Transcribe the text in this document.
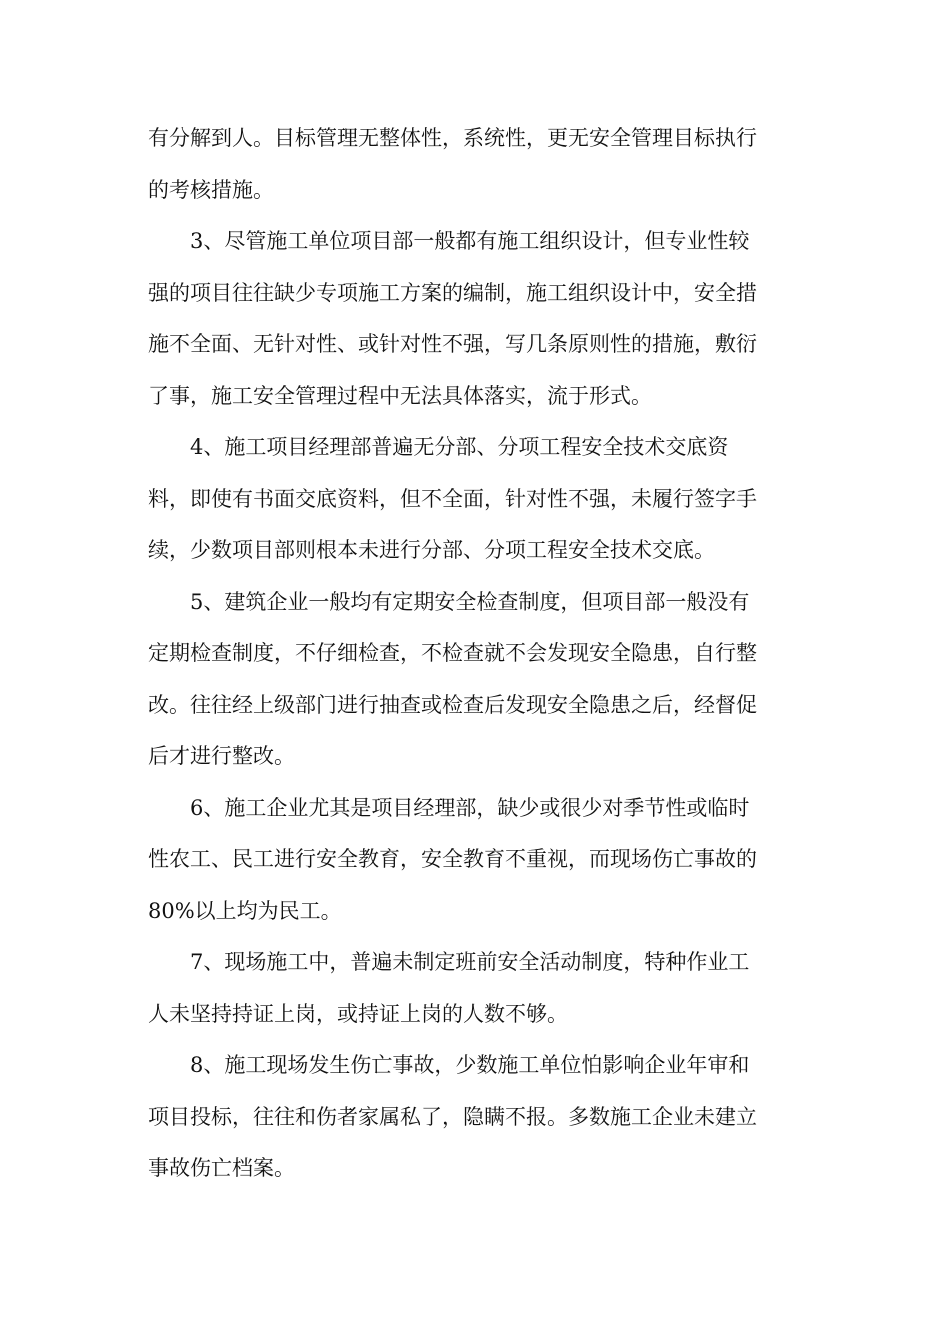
有分解到人。目标管理无整体性，系统性，更无安全管理目标执行
的考核措施。
3、尽管施工单位项目部一般都有施工组织设计，但专业性较
强的项目往往缺少专项施工方案的编制，施工组织设计中，安全措
施不全面、无针对性、或针对性不强，写几条原则性的措施，敷衍
了事，施工安全管理过程中无法具体落实，流于形式。
4、施工项目经理部普遍无分部、分项工程安全技术交底资
料，即使有书面交底资料，但不全面，针对性不强，未履行签字手
续，少数项目部则根本未进行分部、分项工程安全技术交底。
5、建筑企业一般均有定期安全检查制度，但项目部一般没有
定期检查制度，不仔细检查，不检查就不会发现安全隐患，自行整
改。往往经上级部门进行抽查或检查后发现安全隐患之后，经督促
后才进行整改。
6、施工企业尤其是项目经理部，缺少或很少对季节性或临时
性农工、民工进行安全教育，安全教育不重视，而现场伤亡事故的
80%以上均为民工。
7、现场施工中，普遍未制定班前安全活动制度，特种作业工
人未坚持持证上岗，或持证上岗的人数不够。
8、施工现场发生伤亡事故，少数施工单位怕影响企业年审和
项目投标，往往和伤者家属私了，隐瞒不报。多数施工企业未建立
事故伤亡档案。
